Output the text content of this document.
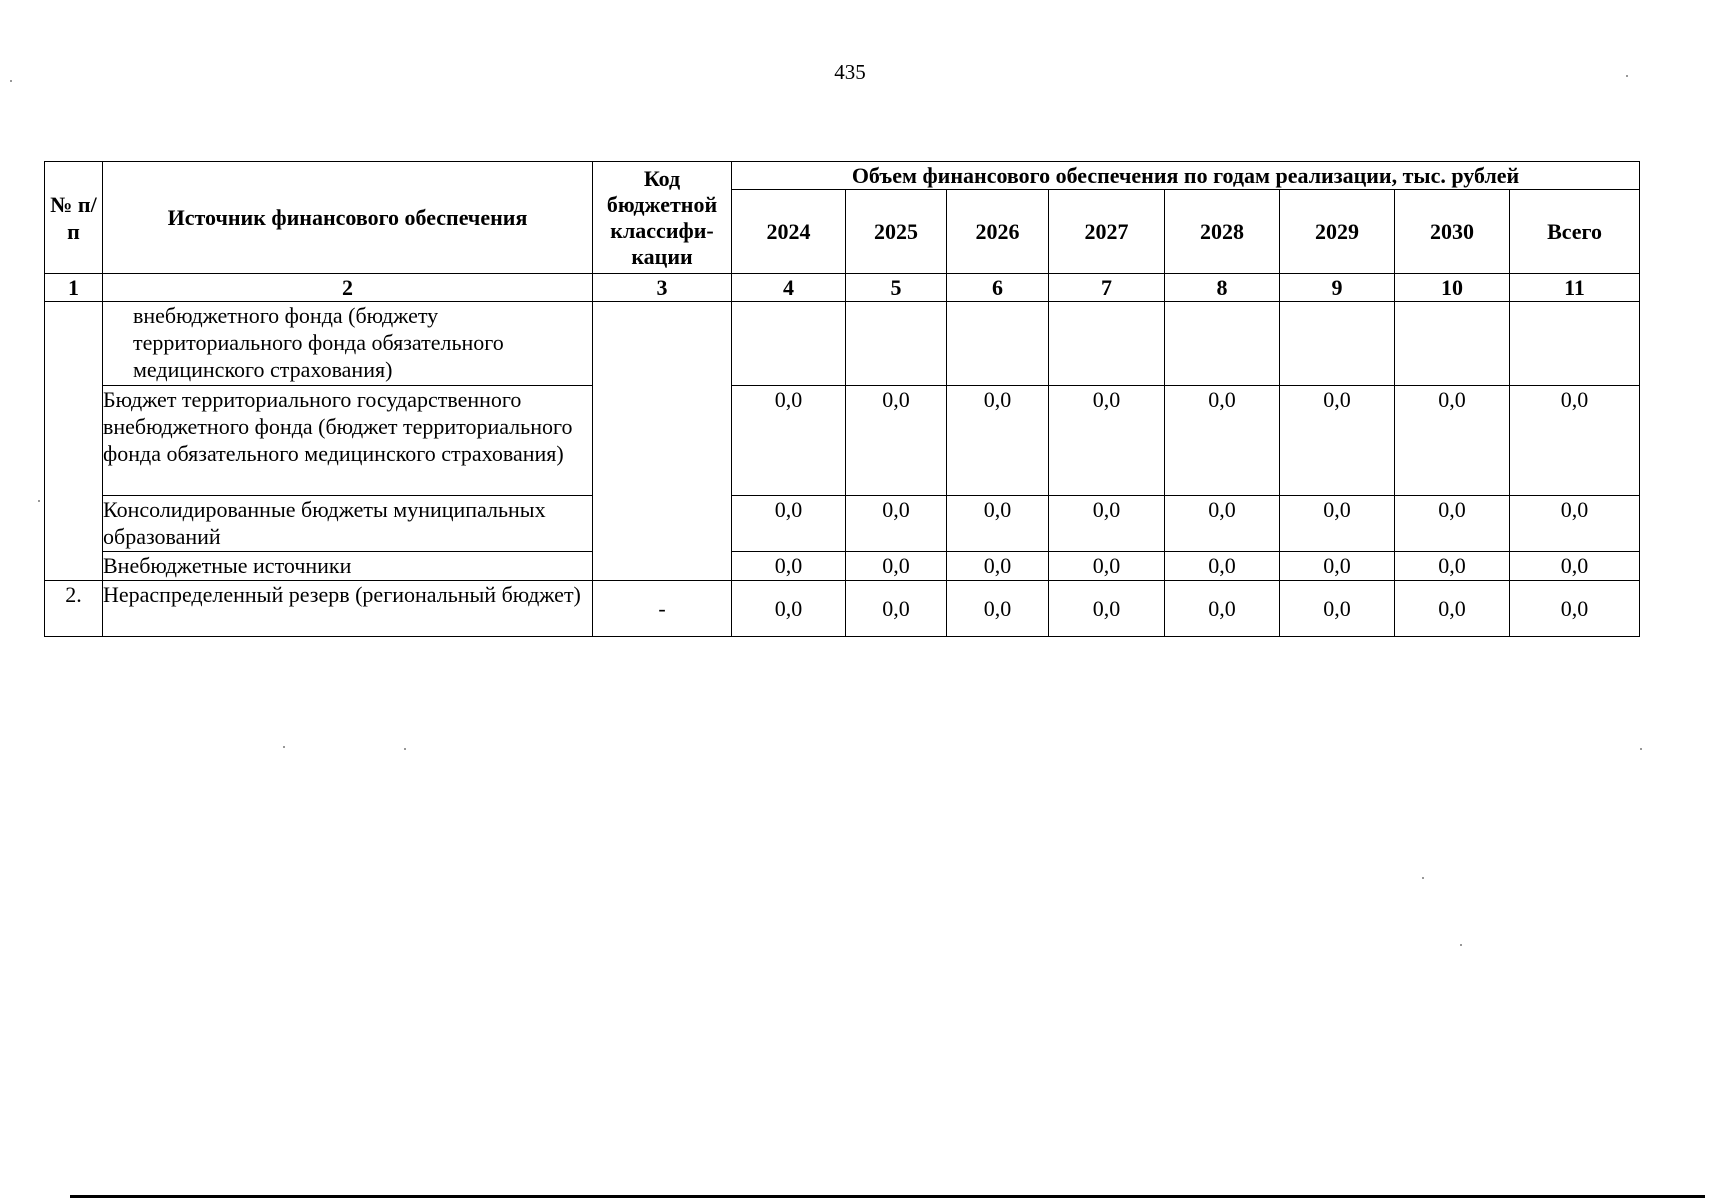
435
№ п/п	Источник финансового обеспечения	Код бюджетной классифи-кации	Объем финансового обеспечения по годам реализации, тыс. рублей							
			2024	2025	2026	2027	2028	2029	2030	Всего
1	2	3	4	5	6	7	8	9	10	11
	внебюджетного фонда (бюджету территориального фонда обязательного медицинского страхования)									
	Бюджет территориального государственного внебюджетного фонда (бюджет территориального фонда обязательного медицинского страхования)		0,0	0,0	0,0	0,0	0,0	0,0	0,0	0,0
	Консолидированные бюджеты муниципальных образований		0,0	0,0	0,0	0,0	0,0	0,0	0,0	0,0
	Внебюджетные источники		0,0	0,0	0,0	0,0	0,0	0,0	0,0	0,0
2.	Нераспределенный резерв (региональный бюджет)	-	0,0	0,0	0,0	0,0	0,0	0,0	0,0	0,0
